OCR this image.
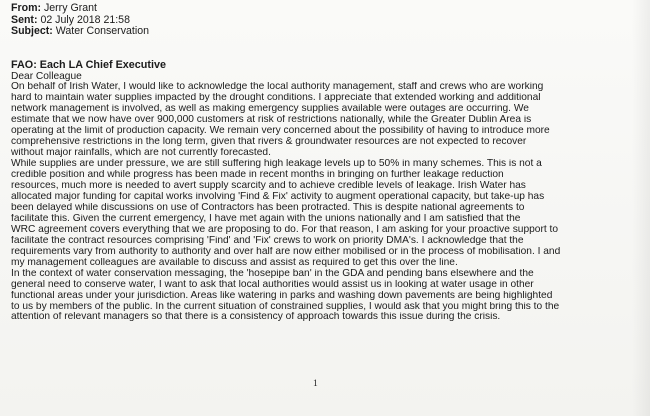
From: Jerry Grant
Sent: 02 July 2018 21:58
Subject: Water Conservation
FAO: Each LA Chief Executive
Dear Colleague
On behalf of Irish Water, I would like to acknowledge the local authority management, staff and crews who are working
hard to maintain water supplies impacted by the drought conditions. I appreciate that extended working and additional
network management is involved, as well as making emergency supplies available were outages are occurring. We
estimate that we now have over 900,000 customers at risk of restrictions nationally, while the Greater Dublin Area is
operating at the limit of production capacity. We remain very concerned about the possibility of having to introduce more
comprehensive restrictions in the long term, given that rivers & groundwater resources are not expected to recover
without major rainfalls, which are not currently forecasted.
While supplies are under pressure, we are still suffering high leakage levels up to 50% in many schemes. This is not a
credible position and while progress has been made in recent months in bringing on further leakage reduction
resources, much more is needed to avert supply scarcity and to achieve credible levels of leakage. Irish Water has
allocated major funding for capital works involving 'Find & Fix' activity to augment operational capacity, but take-up has
been delayed while discussions on use of Contractors has been protracted. This is despite national agreements to
facilitate this. Given the current emergency, I have met again with the unions nationally and I am satisfied that the
WRC agreement covers everything that we are proposing to do. For that reason, I am asking for your proactive support to
facilitate the contract resources comprising 'Find' and 'Fix' crews to work on priority DMA's. I acknowledge that the
requirements vary from authority to authority and over half are now either mobilised or in the process of mobilisation. I and
my management colleagues are available to discuss and assist as required to get this over the line.
In the context of water conservation messaging, the 'hosepipe ban' in the GDA and pending bans elsewhere and the
general need to conserve water, I want to ask that local authorities would assist us in looking at water usage in other
functional areas under your jurisdiction. Areas like watering in parks and washing down pavements are being highlighted
to us by members of the public. In the current situation of constrained supplies, I would ask that you might bring this to the
attention of relevant managers so that there is a consistency of approach towards this issue during the crisis.
1
